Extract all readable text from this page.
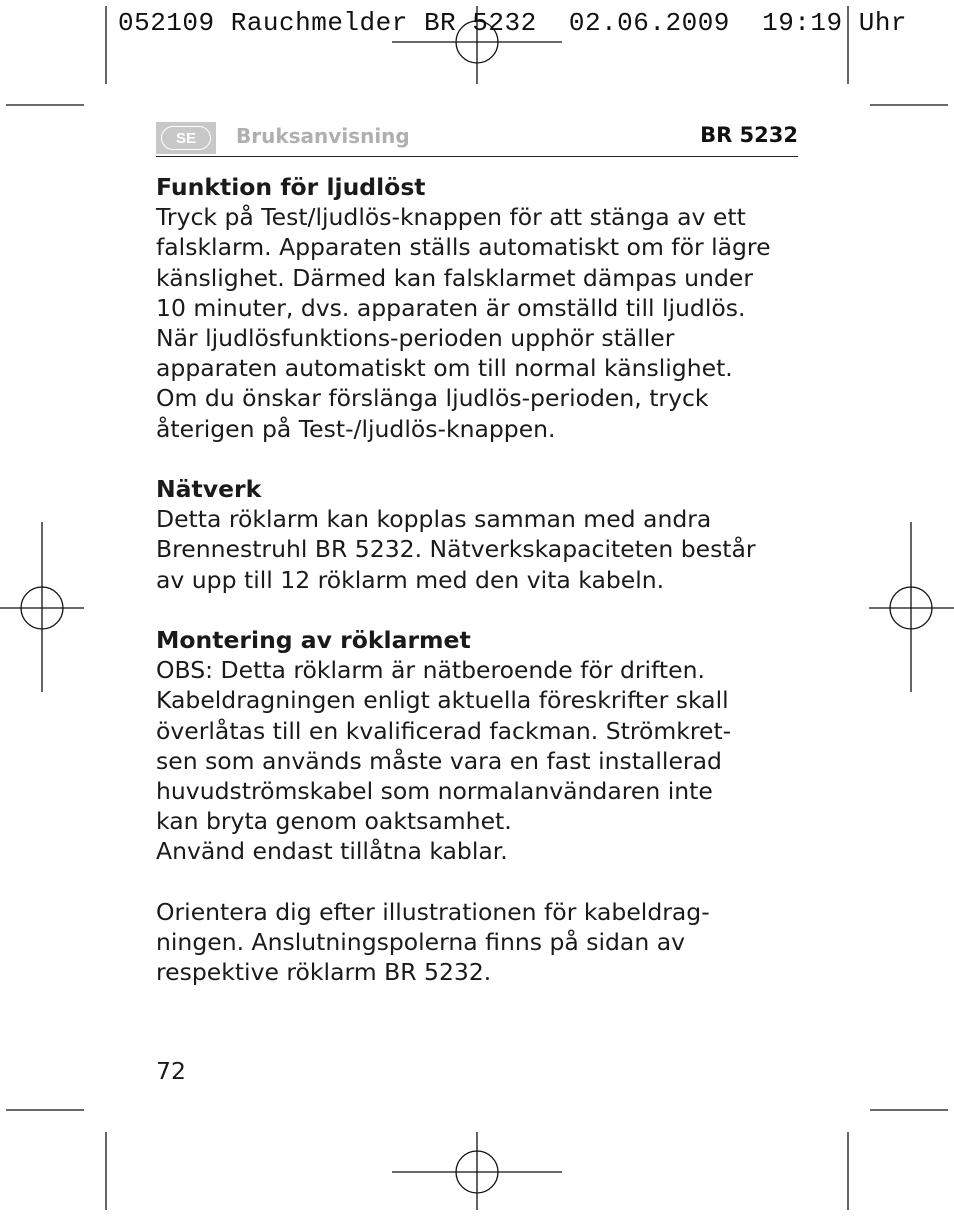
052109 Rauchmelder BR 5232  02.06.2009  19:19 Uhr
SE	Bruksanvisning	BR 5232
Funktion för ljudlöst

Tryck på Test/ljudlös-knappen för att stänga av ett
falsklarm. Apparaten ställs automatiskt om för lägre
känslighet. Därmed kan falsklarmet dämpas under
10 minuter, dvs. apparaten är omställd till ljudlös.
När ljudlösfunktions-perioden upphör ställer
apparaten automatiskt om till normal känslighet.
Om du önskar förslänga ljudlös-perioden, tryck
återigen på Test-/ljudlös-knappen.

Nätverk

Detta röklarm kan kopplas samman med andra
Brennestruhl BR 5232. Nätverkskapaciteten består
av upp till 12 röklarm med den vita kabeln.

Montering av röklarmet

OBS: Detta röklarm är nätberoende för driften.
Kabeldragningen enligt aktuella föreskrifter skall
överlåtas till en kvalificerad fackman. Strömkret-
sen som används måste vara en fast installerad
huvudströmskabel som normalanvändaren inte
kan bryta genom oaktsamhet.
Använd endast tillåtna kablar.

Orientera dig efter illustrationen för kabeldrag-
ningen. Anslutningspolerna finns på sidan av
respektive röklarm BR 5232.

72
